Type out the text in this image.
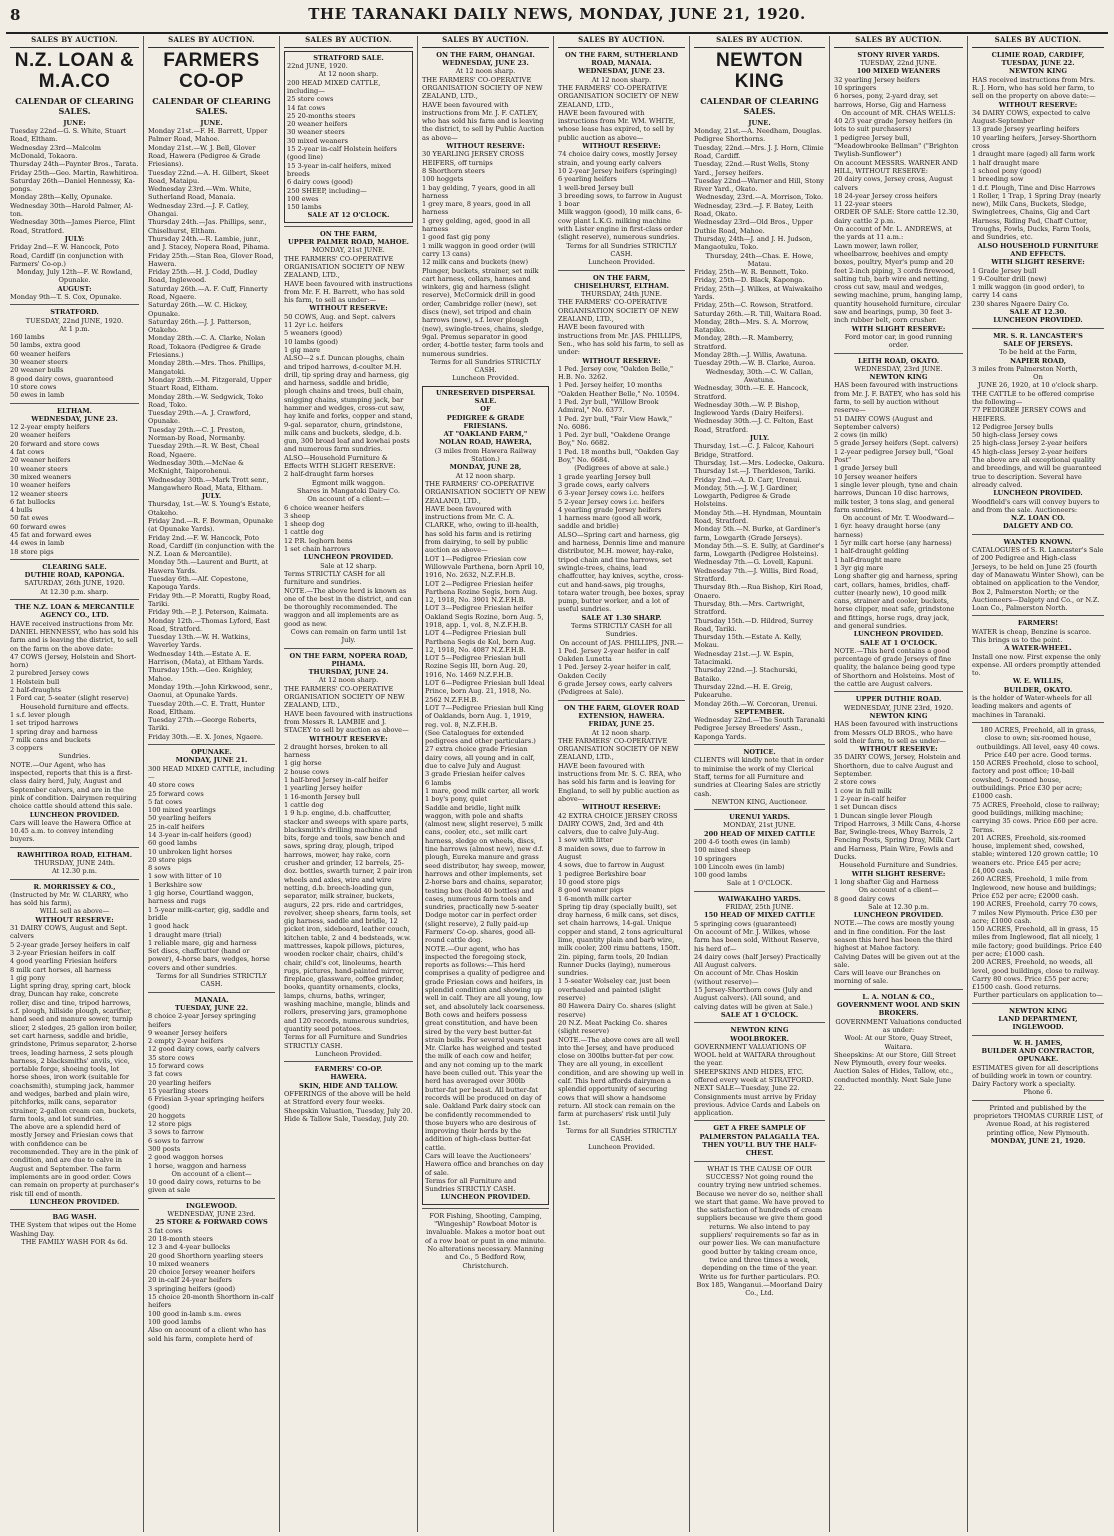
8	THE TARANAKI DAILY NEWS, MONDAY, JUNE 21, 1920.
SALES BY AUCTION.
N.Z. LOAN & M.A.CO
CALENDAR OF CLEARING SALES.
JUNE:
Tuesday 22nd—G. S. White, Stuart Road, Eltham.
Wednesday 23rd—Malcolm McDonald, Tokaora.
Thursday 24th—Paynter Bros., Tarata.
Friday 25th—Geo. Martin, Rawhitiroa.
Saturday 26th—Daniel Hennessy, Ka-pongs.
Monday 28th—Kelly, Opunake.
Wednesday 30th—Harold Palmer, Al-ton.
Wednesday 30th—James Pierce, Flint Road, Stratford.
JULY:
Friday 2nd—F. W. Hancock, Poto Road, Cardiff (in conjunction with Farmers' Co-op.)
Monday, July 12th—F. W. Rowland, Opunake.
AUGUST:
Monday 9th—T. S. Cox, Opunake.
STRATFORD.
TUESDAY, 22nd JUNE, 1920.
At 1 p.m.
160 lambs
50 lambs, extra good
60 weaner heifers
30 weaner steers
20 weaner bulls
8 good dairy cows, guaranteed
10 store cows
50 ewes in lamb
ELTHAM.
WEDNESDAY, JUNE 23.
12 2-year empty heifers
20 weaner heifers
20 forward and store cows
4 fat cows
20 weaner heifers
10 weaner steers
30 mixed weaners
10 weaner heifers
12 weaner steers
6 fat bullocks
4 bulls
50 fat ewes
60 forward ewes
45 fat and forward ewes
44 ewes in lamb
18 store pigs
CLEARING SALE.
DUTHIE ROAD, KAPONGA.
SATURDAY, 26th JUNE, 1920.
At 12.30 p.m. sharp.
THE N.Z. LOAN & MERCANTILE AGENCY CO., LTD.
HAVE received instructions from Mr. DANIEL HENNESSY, who has sold his farm and is leaving the district, to sell on the farm on the above date:
47 COWS (Jersey, Holstein and Short-horn)
2 purebred Jersey cows
1 Holstein bull
2 half-draughts
1 Ford car, 5-seater (slight reserve)
Household furniture and effects.
1 s.f. lever plough
1 set tripod harrows
1 spring dray and harness
7 milk cans and buckets
3 coppers
Sundries.
NOTE.—Our Agent, who has inspected, reports that this is a first-class dairy herd, July, August and September calvers, and are in the pink of condition. Dairymen requiring choice cattle should attend this sale.
LUNCHEON PROVIDED.
Cars will leave the Hawera Office at 10.45 a.m. to convey intending buyers.
RAWHITIROA ROAD, ELTHAM.
THURSDAY, JUNE 24th.
At 12.30 p.m.
R. MORRISSEY & CO.,
(Instructed by Mr. W. CLARRY, who has sold his farm),
WILL sell as above—
WITHOUT RESERVE:
31 DAIRY COWS, August and Sept. calvers
5 2-year grade Jersey heifers in calf
3 2-year Friesian heifers in calf
4 good yearling Friesian heifers
8 milk cart horses, all harness
1 gig pony
Light spring dray, spring cart, block dray, Duncan hay rake, concrete roller, disc and tine, tripod harrows, s.f. plough, hillside plough, scarifier, hand seed and manure sower, turnip slicer, 2 sledges, 25 gallon iron boiler, set cart harness, saddle and bridle, grindstone, Primus separator, 2-horse trees, leading harness, 2 sets plough harness, 2 blacksmiths' anvils, vice, portable forge, shoeing tools, lot horse shoes, iron work (suitable for coachsmith), stumping jack, hammer and wedges, barbed and plain wire, pitchforks, milk cans, separator strainer, 2-gallon cream can, buckets, farm tools, and lot sundries.
The above are a splendid herd of mostly Jersey and Friesian cows that with confidence can be recommended. They are in the pink of condition, and are due to calve in August and September. The farm implements are in good order. Cows can remain on property at purchaser's risk till end of month.
LUNCHEON PROVIDED.
BAG WASH.
THE System that wipes out the Home Washing Day.
THE FAMILY WASH FOR 4s 6d.
SALES BY AUCTION.
FARMERS CO-OP
CALENDAR OF CLEARING SALES.
JUNE.
Monday 21st.—F. H. Barrett, Upper Palmer Road, Mahoe.
Monday 21st.—W. J. Bell, Glover Road, Hawera (Pedigree & Grade Friesians).
Tuesday 22nd.—A. H. Gilbert, Skeet Road, Mataipu.
Wednesday 23rd.—Wm. White, Sutherland Road, Manaia.
Wednesday 23rd.—J. F. Catley, Ohangai.
Thursday 24th.—Jas. Phillips, senr., Chiselhurst, Eltham.
Thursday 24th.—R. Lambie, junr., and J. Stacey, Nopera Road, Pihama.
Friday 25th.—Stan Rea, Glover Road, Hawera.
Friday 25th.—H. J. Codd, Dudley Road, Inglewood.
Saturday 26th.—A. F. Cuff, Finnerty Road, Ngaere.
Saturday 26th.—W. C. Hickey, Opunake.
Saturday 26th.—J. J. Patterson, Otakeho.
Monday 28th.—C. A. Clarke, Nolan Road, Tokaora (Pedigree & Grade Friesians.)
Monday 28th.—Mrs. Thos. Phillips, Mangatoki.
Monday 28th.—M. Fitzgerald, Upper Stuart Road, Eltham.
Monday 28th.—W. Sedgwick, Toko Road, Toko.
Tuesday 29th.—A. J. Crawford, Opunake.
Tuesday 29th.—C. J. Preston, Norman-by Road, Normanby.
Tuesday 29th.—R. W. Best, Cheal Road, Ngaere.
Wednesday 30th.—McNae & McKnight, Taiporohenui.
Wednesday 30th.—Mark Trott senr., Mangawhero Road, Mata, Eltham.
JULY.
Thursday, 1st.—W. S. Young's Estate, Otakeho.
Friday 2nd.—R. F. Bowman, Opunake (at Opunake Yards).
Friday 2nd.—F. W. Hancock, Poto Road, Cardiff (in conjunction with the N.Z. Loan & Mercantile).
Monday 5th.—Laurent and Burtt, at Hawera Yards.
Tuesday 6th.—Alf. Copestone, Kapouga Yards.
Friday 9th.—P. Moratti, Rugby Road, Tariki.
Friday 9th.—P. J. Peterson, Kaimata.
Monday 12th.—Thomas Lyford, East Road, Stratford.
Tuesday 13th.—W. H. Watkins, Waverley Yards.
Wednesday 14th.—Estate A. E. Harrison, (Mata), at Eltham Yards.
Thursday 15th.—Geo. Keighley, Mahoe.
Monday 19th.—John Kirkwood, senr., Oaonui, at Opunake Yards.
Tuesday 20th.—C. E. Tratt, Hunter Road, Eltham.
Tuesday 27th.—George Roberts, Tariki.
Friday 30th.—E. X. Jones, Ngaere.
OPUNAKE.
MONDAY, JUNE 21.
300 HEAD MIXED CATTLE, including—
40 store cows
25 forward cows
5 fat cows
100 mixed yearlings
50 yearling heifers
25 in-calf heifers
14 3-year in-calf heifers (good)
60 good lambs
10 unbroken light horses
20 store pigs
8 sows
1 sow with litter of 10
1 Berkshire sow
1 gig horse, Courtland waggon, harness and rugs
1 5-year milk-carter, gig, saddle and bridle
1 good hack
1 draught mare (trial)
1 reliable mare, gig and harness
Set discs, chaffcutter (hand or power), 4-horse bars, wedges, horse covers and other sundries.
Terms for all Sundries STRICTLY CASH.
MANAIA.
TUESDAY, JUNE 22.
8 choice 2-year Jersey springing heifers
9 weaner Jersey heifers
2 empty 2-year heifers
12 good dairy cows, early calvers
35 store cows
15 forward cows
3 fat cows
20 yearling heifers
15 yearling steers
6 Friesian 3-year springing heifers (good)
20 hoggets
12 store pigs
3 sows to farrow
6 sows to farrow
300 posts
2 good waggon horses
1 horse, waggon and harness
On account of a client—
10 good dairy cows, returns to be given at sale
INGLEWOOD.
WEDNESDAY, JUNE 23rd.
25 STORE & FORWARD COWS
3 fat cows
20 18-month steers
12 3 and 4-year bullocks
20 good Shorthorn yearling steers
10 mixed weaners
20 choice Jersey weaner heifers
20 in-calf 24-year heifers
3 springing heifers (good)
15 choice 20-month Shorthorn in-calf heifers
100 good in-lamb s.m. ewes
100 good lambs
Also on account of a client who has sold his farm, complete herd of
SALES BY AUCTION.
STRATFORD SALE.
22nd JUNE, 1920.
At 12 noon sharp.
200 HEAD MIXED CATTLE, including—
25 store cows
14 fat cows
25 20-months steers
20 weaner heifers
30 weaner steers
30 mixed weaners
15 2-year in-calf Holstein heifers (good line)
15 3-year in-calf heifers, mixed breeds
6 dairy cows (good)
250 SHEEP, including—
100 ewes
150 lambs
SALE AT 12 O'CLOCK.
ON THE FARM,
UPPER PALMER ROAD, MAHOE.
MONDAY, 21st JUNE.
THE FARMERS' CO-OPERATIVE ORGANISATION SOCIETY OF NEW ZEALAND, LTD.,
HAVE been favoured with instructions from Mr. F. H. Barrett, who has sold his farm, to sell as under:—
WITHOUT RESERVE:
50 COWS, Aug. and Sept. calvers
11 2yr i.c. heifers
5 weaners (good)
10 lambs (good)
1 gig mare
ALSO—2 s.f. Duncan ploughs, chain and tripod harrows, d-coulter M.H. drill, tip spring dray and harness, gig and harness, saddle and bridle, plough chains and trees, bull chain, snigging chains, stumping jack, bar hammer and wedges, cross-cut saw, hay knife and forks, copper and stand, 9-gal. separator, churn, grindstone, milk cans and buckets, sledge, d.b. gun, 300 broad leaf and kowhai posts and numerous farm sundries.
ALSO—Household Furniture & Effects WITH SLIGHT RESERVE:
2 half-draught farm horses
Egmont milk waggon.
Shares in Mangatoki Dairy Co.
On account of a client:—
6 choice weaner heifers
3 sheep
1 sheep dog
1 cattle dog
12 P.R. leghorn hens
1 set chain harrows
LUNCHEON PROVIDED.
Sale at 12 sharp.
Terms STRICTLY CASH for all furniture and sundries.
NOTE.—The above herd is known as one of the best in the district, and can be thoroughly recommended. The waggon and all implements are as good as new.
Cows can remain on farm until 1st July.
ON THE FARM, NOPERA ROAD, PIHAMA.
THURSDAY, JUNE 24.
At 12 noon sharp.
THE FARMERS' CO-OPERATIVE ORGANISATION SOCIETY OF NEW ZEALAND, LTD.,
HAVE been favoured with instructions from Messrs R. LAMBIE and J. STACEY to sell by auction as above—
WITHOUT RESERVE:
2 draught horses, broken to all harness
1 gig horse
2 house cows
1 half-bred Jersey in-calf heifer
1 yearling Jersey heifer
1 16-month Jersey bull
1 cattle dog
1 9 h.p. engine, d.b. chaffcutter, stacker and sweeps with spare parts, blacksmith's drilling machine and bits, forge and tools, saw bench and saws, spring dray, plough, tripod harrows, mower, hay rake, corn crusher and grinder, 12 barrels, 25-doz. bottles, swarth turner, 2 pair iron wheels and axles, wire and wire netting, d.b. breech-loading gun, separator, milk strainer, buckets, augurs, 22 prs. ride and cartridges, revolver, sheep shears, farm tools, set gig harness, saddle and bridle, 12 picket iron, sideboard, leather couch, kitchen table, 2 and 4 bedsteads, w.w. mattresses, kapok pillows, pictures, wooden rocker chair, chairs, child's chair, child's cot, linoleums, hearth rugs, pictures, hand-painted mirror, fireplace, glassware, coffee grinder, books, quantity ornaments, clocks, lamps, churns, baths, wringer, washing machine, mangle, blinds and rollers, preserving jars, gramophone and 120 records, numerous sundries, quantity seed potatoes.
Terms for all Furniture and Sundries STRICTLY CASH.
Luncheon Provided.
FARMERS' CO-OP.
HAWERA.
SKIN, HIDE AND TALLOW.
OFFERINGS of the above will be held at Stratford every four weeks. Sheepskin Valuation, Tuesday, July 20. Hide & Tallow Sale, Tuesday, July 20.
SALES BY AUCTION.
ON THE FARM, OHANGAI.
WEDNESDAY, JUNE 23.
At 12 noon sharp.
THE FARMERS' CO-OPERATIVE ORGANISATION SOCIETY OF NEW ZEALAND, LTD.,
HAVE been favoured with instructions from Mr. J. F. CATLEY, who has sold his farm and is leaving the district, to sell by Public Auction as above—
WITHOUT RESERVE:
30 YEARLING JERSEY CROSS HEIFERS, off turnips
8 Shorthorn steers
100 hoggets
1 bay gelding, 7 years, good in all harness
1 grey mare, 8 years, good in all harness
1 grey gelding, aged, good in all harness
1 good fast gig pony
1 milk waggon in good order (will carry 13 cans)
12 milk cans and buckets (new)
Plunger, buckets, strainer, set milk cart harness, collars, hames and winkers, gig and harness (slight reserve), McCormick drill in good order, Cambridge roller (new), set discs (new), set tripod and chain harrows (new), s.f. lever plough (new), swingle-trees, chains, sledge, 9gal. Premus separator in good order, 4-bottle tester, farm tools and numerous sundries.
Terms for all Sundries STRICTLY CASH.
Luncheon Provided.
UNRESERVED DISPERSAL SALE.
OF
PEDIGREE & GRADE FRIESIANS.
AT "OAKLAND FARM,"
NOLAN ROAD, HAWERA,
(3 miles from Hawera Railway Station.)
MONDAY, JUNE 28,
At 12 noon sharp.
THE FARMERS' CO-OPERATIVE ORGANISATION SOCIETY OF NEW ZEALAND, LTD.,
HAVE been favoured with instructions from Mr. C. A. CLARKE, who, owing to ill-health, has sold his farm and is retiring from dairying, to sell by public auction as above—
LOT 1—Pedigree Friesian cow Willowvale Parthena, born April 10, 1916, No. 2632, N.Z.F.H.B.
LOT 2—Pedigree Friesian heifer Parthena Rozine Segis, born Aug. 12, 1918, No. 3901 N.Z.F.H.B.
LOT 3—Pedigree Friesian heifer Oakland Segis Rozine, born Aug. 5, 1918, app. 1, vol. 8, N.Z.F.H.B.
LOT 4—Pedigree Friesian bull Parthena Segis de Kol, born Aug. 12, 1918, No. 4087 N.Z.F.H.B.
LOT 5—Pedigree Friesian bull Rozine Segis III, born Aug. 20, 1916, No. 1469 N.Z.F.H.B.
LOT 6—Pedigree Friesian bull Ideal Prince, born Aug. 21, 1918, No. 2562 N.Z.F.H.B.
LOT 7—Pedigree Friesian bull King of Oaklands, born Aug. 1, 1919, reg. vol. 8, N.Z.F.H.B.
(See Catalogues for extended pedigrees and other particulars.)
27 extra choice grade Friesian dairy cows, all young and in calf, due to calve July and August
3 grade Friesian heifer calves
6 lambs
1 mare, good milk carter, all work
1 boy's pony, quiet
Saddle and bridle, light milk waggon, with pole and shafts (almost new, slight reserve), 5 milk cans, cooler, etc., set milk cart harness, sledge on wheels, discs, tine harrows (almost new), new d.f. plough, Eureka manure and grass seed distributor, hay sweep, mower, harrows and other implements, set 2-horse bars and chains, separator, testing box (hold 40 bottles) and cases, numerous farm tools and sundries, practically new 5-seater Dodge motor car in perfect order (slight reserve), 2 fully paid-up Farmers' Co-op. shares, good all-round cattle dog.
NOTE.—Our agent, who has inspected the foregoing stock, reports as follows:—This herd comprises a quality of pedigree and grade Friesian cows and heifers, in splendid condition and showing up well in calf. They are all young, low set, and absolutely lack coarseness. Both cows and heifers possess great constitution, and have been sired by the very best butter-fat strain bulls. For several years past Mr. Clarke has weighed and tested the milk of each cow and heifer, and any not coming up to the mark have been culled out. This year the herd has averaged over 300lb butter-fat per beast. All butter-fat records will be produced on day of sale. Oakland Park dairy stock can be confidently recommended to those buyers who are desirous of improving their herds by the addition of high-class butter-fat cattle.
Cars will leave the Auctioneers' Hawera office and branches on day of sale.
Terms for all Furniture and Sundries STRICTLY CASH.
LUNCHEON PROVIDED.
FOR Fishing, Shooting, Camping, "Wingeship" Rowboat Motor is invaluable. Makes a motor boat out of a row boat or punt in one minute. No alterations necessary. Manning and Co., 5 Bedford Row, Christchurch.
SALES BY AUCTION.
ON THE FARM, SUTHERLAND ROAD, MANAIA.
WEDNESDAY, JUNE 23.
At 12 noon sharp.
THE FARMERS' CO-OPERATIVE ORGANISATION SOCIETY OF NEW ZEALAND, LTD.,
HAVE been favoured with instructions from Mr. WM. WHITE, whose lease has expired, to sell by public auction as above—
WITHOUT RESERVE:
74 choice dairy cows, mostly Jersey strain, and young early calvers
10 2-year Jersey heifers (springing)
6 yearling heifers
1 well-bred Jersey bull
3 breeding sows, to farrow in August
1 boar
Milk waggon (good), 10 milk cans, 6-cow plant L.K.G. milking machine with Lister engine in first-class order (slight reserve), numerous sundries.
Terms for all Sundries STRICTLY CASH.
Luncheon Provided.
ON THE FARM,
CHISELHURST, ELTHAM.
THURSDAY, 24th JUNE.
THE FARMERS' CO-OPERATIVE ORGANISATION SOCIETY OF NEW ZEALAND, LTD.,
HAVE been favoured with instructions from Mr. JAS. PHILLIPS, Sen., who has sold his farm, to sell as under:
WITHOUT RESERVE:
1 Ped. Jersey cow, "Oakden Belle," H.B. No. 3262.
1 Ped. Jersey heifer, 10 months "Oakden Heather Belle," No. 10594.
1 Ped. 2yr bull, "Willow Brook Admiral," No. 6377.
1 Ped. 2yr bull, "Fair View Hawk," No. 6086.
1 Ped. 2yr bull, "Oakdene Orange Boy," No. 6682.
1 Ped. 18 months bull, "Oakden Gay Boy," No. 6684.
(Pedigrees of above at sale.)
1 grade yearling Jersey bull
3 grade cows, early calvers
6 3-year Jersey cows i.c. heifers
5 2-year Jersey cows i.c. heifers
4 yearling grade Jersey heifers
1 harness mare (good all work, saddle and bridle)
ALSO—Spring cart and harness, gig and harness, Dennis lime and manure distributor, M.H. mower, hay-rake, tripod chain and tine harrows, set swingle-trees, chains, lead chaffcutter, hay knives, scythe, cross-cut and hand-saws, pig troughs, totara water trough, bee boxes, spray pump, butter worker, and a lot of useful sundries.
SALE AT 1.30 SHARP.
Terms STRICTLY CASH for all Sundries.
On account of JAS. PHILLIPS, JNR.—
1 Ped. Jersey 2-year heifer in calf Oakden Lunetta
1 Ped. Jersey 2-year heifer in calf, Oakden Cecily
6 grade Jersey cows, early calvers (Pedigrees at Sale).
ON THE FARM, GLOVER ROAD EXTENSION, HAWERA.
FRIDAY, JUNE 25.
At 12 noon sharp.
THE FARMERS' CO-OPERATIVE ORGANISATION SOCIETY OF NEW ZEALAND, LTD.,
HAVE been favoured with instructions from Mr. S. C. REA, who has sold his farm and is leaving for England, to sell by public auction as above—
WITHOUT RESERVE:
42 EXTRA CHOICE JERSEY CROSS DAIRY COWS, 2nd, 3rd and 4th calvers, due to calve July-Aug.
1 sow with litter
8 maiden sows, due to farrow in August
4 sows, due to farrow in August
1 pedigree Berkshire boar
10 good store pigs
8 good weaner pigs
1 6-month milk carter
Spring tip dray (specially built), set dray harness, 6 milk cans, set discs, set chain harrows, 14-gal. Unique copper and stand, 2 tons agricultural lime, quantity plain and barb wire, milk cooler, 200 rimu battens, 150ft. 2in. piping, farm tools, 20 Indian Runner Ducks (laying), numerous sundries.
1 5-seater Wolseley car, just been overhauled and painted (slight reserve)
80 Hawera Dairy Co. shares (slight reserve)
20 N.Z. Meat Packing Co. shares (slight reserve)
NOTE.—The above cows are all well into the Jersey, and have produced close on 300lbs butter-fat per cow. They are all young, in excellent condition, and are showing up well in calf. This herd affords dairymen a splendid opportunity of securing cows that will show a handsome return. All stock can remain on the farm at purchasers' risk until July 1st.
Terms for all Sundries STRICTLY CASH.
Luncheon Provided.
SALES BY AUCTION.
NEWTON KING
CALENDAR OF CLEARING SALES.
JUNE.
Monday, 21st.—A. Needham, Douglas. Pedigree Shorthorns.
Tuesday, 22nd.—Mrs. J. J. Horn, Climie Road, Cardiff.
Tuesday, 22nd.—Rust Wells, Stony Yard., Jersey heifers.
Tuesday 22nd—Warner and Hill, Stony River Yard., Okato.
Wednesday, 23rd.—A. Morrison, Toko.
Wednesday, 23rd.—J. F. Batey, Leith Road, Okato.
Wednesday 23rd—Old Bros., Upper Duthie Road, Mahoe.
Thursday, 24th—J. and J. H. Judson, Mangaotuku, Toko.
Thursday, 24th—Chas. E. Howe, Matau.
Friday, 25th—W. R. Bennett, Toko.
Friday, 25th—D. Black, Kaponga.
Friday, 25th—J. Wilkes, at Waiwakaiho Yards.
Friday, 25th—C. Rowson, Stratford.
Saturday 26th.—R. Till, Waitara Road.
Monday, 28th—Mrs. S. A. Morrow, Ratapiko.
Monday, 28th.—R. Mamberry, Stratford.
Monday 28th.—J. Willis, Awatuna.
Tuesday 29th.—W. B. Clarke, Auroa.
Wednesday, 30th.—C. W. Callan, Awatuna.
Wednesday, 30th.—E. E. Hancock, Stratford.
Wednesday 30th.—W. P. Bishop, Inglewood Yards (Dairy Heifers).
Wednesday 30th.—J. C. Felton, East Road, Stratford.
JULY.
Thursday, 1st.—C. J. Falcor, Kahouri Bridge, Stratford.
Thursday, 1st.—Mrs. Lodecke, Oakura.
Thursday 1st.—J. Therkleson, Tariki.
Friday 2nd.—A. D. Carr, Urenui.
Monday, 5th.—J. W. J. Gardiner, Lowgarth, Pedigree & Grade Holsteins.
Monday 5th.—H. Hyndman, Mountain Road, Stratford.
Monday 5th.—N. Burke, at Gardiner's farm, Lowgarth (Grade Jerseys).
Monday 5th.—S. E. Sully, at Gardiner's farm, Lowgarth (Pedigree Holsteins).
Wednesday 7th.—G. Lovell, Kapuni.
Wednesday 7th.—J. Willis, Bird Road, Stratford.
Thursday 8th.—Rua Bishop, Kiri Road, Onaero.
Thursday, 8th.—Mrs. Cartwright, Stratford.
Thursday 15th.—D. Hildred, Surrey Road, Tariki.
Thursday 15th.—Estate A. Kelly, Mokau.
Wednesday 21st.—J. W. Espin, Tatacimaki.
Thursday 22nd.—J. Stachurski, Bataiko.
Thursday 22nd.—H. E. Greig, Pukearuhe.
Monday 26th.—W. Corcoran, Urenui.
SEPTEMBER.
Wednesday 22nd.—The South Taranaki Pedigree Jersey Breeders' Assn., Kaponga Yards.
NOTICE.
CLIENTS will kindly note that in order to minimise the work of my Clerical Staff, terms for all Furniture and sundries at Clearing Sales are strictly cash.
NEWTON KING, Auctioneer.
URENUI YARDS.
MONDAY, 21st JUNE.
200 HEAD OF MIXED CATTLE
200 4-6 tooth ewes (in lamb)
100 mixed sheep
10 springers
100 Lincoln ewes (in lamb)
100 good lambs
Sale at 1 O'CLOCK.
WAIWAKAIHO YARDS.
FRIDAY, 25th JUNE.
150 HEAD OF MIXED CATTLE
5 springing cows (guaranteed)
On account of Mr. J. Wilkes, whose farm has been sold, Without Reserve, his herd of—
24 dairy cows (half Jersey) Practically All August calvers.
On account of Mr. Chas Hoskin (without reserve)—
15 Jersey-Shorthorn cows (July and August calvers). (All sound, and calving dates will be given at Sale.)
SALE AT 1 O'CLOCK.
NEWTON KING
WOOLBROKER.
GOVERNMENT VALUATIONS OF WOOL held at WAITARA throughout the year.
SHEEPSKINS AND HIDES, ETC. offered every week at STRATFORD.
NEXT SALE—Tuesday, June 22.
Consignments must arrive by Friday previous. Advice Cards and Labels on application.
GET A FREE SAMPLE OF PALMERSTON PALAGALLA TEA.
THEN YOU'LL BUY THE HALF-CHEST.
WHAT IS THE CAUSE OF OUR SUCCESS? Not going round the country trying new untried schemes. Because we never do so, neither shall we start that game. We have proved to the satisfaction of hundreds of cream suppliers because we give them good returns. We also intend to pay suppliers' requirements so far as in our power lies. We can manufacture good butter by taking cream once, twice and three times a week, depending on the time of the year. Write us for further particulars. P.O. Box 185, Wanganui.—Moorland Dairy Co., Ltd.
SALES BY AUCTION.
STONY RIVER YARDS.
TUESDAY, 22nd JUNE.
100 MIXED WEANERS
32 yearling Jersey heifers
10 springers
6 horses, pony, 2-yard dray, set harrows, Horse, Gig and Harness
On account of MR. CHAS WELLS:
40 2/3 year grade Jersey heifers (in lots to suit purchasers)
1 pedigree Jersey bull, "Meadowbrooke Bellman" ("Brighton Twylish-Sunflower")
On account MESSRS. WARNER AND HILL, WITHOUT RESERVE:
20 dairy cows, Jersey cross, August calvers
18 24-year Jersey cross heifers
11 22-year steers
ORDER OF SALE: Store cattle 12.30, dairy cattle 2 p.m.
On account of Mr. L. ANDREWS, at the yards at 11 a.m.:
Lawn mower, lawn roller, wheelbarrow, beehives and empty boxes, poultry, Myer's pump and 20 feet 2-inch piping, 3 cords firewood, salting tub, barb wire and netting, cross cut saw, maul and wedges, sewing machine, prum, hanging lamp, quantity household furniture, circular saw and bearings, pump, 30 feet 3-inch rubber belt, corn crusher.
WITH SLIGHT RESERVE:
Ford motor car, in good running order.
LEITH ROAD, OKATO.
WEDNESDAY, 23rd JUNE.
NEWTON KING
HAS been favoured with instructions from Mr. J. F. BATEY, who has sold his farm, to sell by auction without reserve—
51 DAIRY COWS (August and September calvers)
2 cows (in milk)
5 grade Jersey heifers (Sept. calvers)
1 2-year pedigree Jersey bull, "Goal Post"
1 grade Jersey bull
10 Jersey weaner heifers
1 single lever plough, tyne and chain harrows, Duncan 10 disc harrows, milk tester, 3 tons slag, and general farm sundries.
On account of Mr. T. Woodward—
1 6yr. heavy draught horse (any harness)
1 5yr milk cart horse (any harness)
1 half-draught gelding
1 half-draught mare
1 3yr gig mare
Long shafter gig and harness, spring cart, collars, hames, bridles, chaff-cutter (nearly new), 10 good milk cans, strainer and cooler, buckets, horse clipper, meat safe, grindstone and fittings, horse rugs, dray jack, and general sundries.
LUNCHEON PROVIDED.
SALE AT 1 O'CLOCK.
NOTE.—This herd contains a good percentage of grade Jerseys of fine quality, the balance being good type of Shorthorn and Holsteins. Most of the cattle are August calvers.
UPPER DUTHIE ROAD.
WEDNESDAY, JUNE 23rd, 1920.
NEWTON KING
HAS been favoured with instructions from Messrs OLD BROS., who have sold their farm, to sell as under—
WITHOUT RESERVE:
35 DAIRY COWS, Jersey, Holstein and Shorthorn, due to calve August and September.
2 store cows
1 cow in full milk
1 2-year in-calf heifer
1 set Duncan discs
1 Duncan single lever Plough
Tripod Harrows, 3 Milk Cans, 4-horse Bar, Swingle-trees, Whey Barrels, 2 Fencing Posts, Spring Dray, Milk Cart and Harness, Plain Wire, Fowls and Ducks.
Household Furniture and Sundries.
WITH SLIGHT RESERVE:
1 long shafter Gig and Harness
On account of a client—
8 good dairy cows
Sale at 12.30 p.m.
LUNCHEON PROVIDED.
NOTE.—The cows are mostly young and in fine condition. For the last season this herd has been the third highest at Mahoe factory.
Calving Dates will be given out at the sale.
Cars will leave our Branches on morning of sale.
L. A. NOLAN & CO.,
GOVERNMENT WOOL AND SKIN BROKERS.
GOVERNMENT Valuations conducted as under:
Wool: At our Store, Quay Street, Waitara.
Sheepskins: At our Store, Gill Street New Plymouth, every four weeks.
Auction Sales of Hides, Tallow, etc., conducted monthly. Next Sale June 22.
SALES BY AUCTION.
CLIMIE ROAD, CARDIFF,
TUESDAY, JUNE 22.
NEWTON KING
HAS received instructions from Mrs. R. J. Horn, who has sold her farm, to sell on the property on above date:—
WITHOUT RESERVE:
34 DAIRY COWS, expected to calve August-September
13 grade Jersey yearling heifers
10 yearling heifers, Jersey-Shorthorn cross
1 draught mare (aged) all farm work
1 half draught mare
1 school pony (good)
1 breeding sow
1 d.f. Plough, Tine and Disc Harrows
1 Roller, 1 Trap, 1 Spring Dray (nearly new), Milk Cans, Buckets, Sledge, Swingletrees, Chains, Gig and Cart Harness, Riding Pad, Chaff Cutter, Troughs, Fowls, Ducks, Farm Tools, and Sundries, etc.
ALSO HOUSEHOLD FURNITURE AND EFFECTS.
WITH SLIGHT RESERVE:
1 Grade Jersey bull
1 9-Coulter drill (new)
1 milk waggon (in good order), to carry 14 cans
230 shares Ngaere Dairy Co.
SALE AT 12.30.
LUNCHEON PROVIDED.
MR. S. R. LANCASTER'S
SALE OF JERSEYS.
To be held at the Farm,
NAPIER ROAD,
3 miles from Palmerston North,
On
JUNE 26, 1920, at 10 o'clock sharp.
THE CATTLE to be offered comprise the following—
77 PEDIGREE JERSEY COWS and HEIFERS.
12 Pedigree Jersey bulls
50 high-class Jersey cows
25 high-class Jersey 2-year heifers
45 high-class Jersey 2-year heifers
The above are all exceptional quality and breedings, and will be guaranteed true to description. Several have already calved.
LUNCHEON PROVIDED.
Woodfield's cars will convey buyers to and from the sale. Auctioneers:
N.Z. LOAN CO.
DALGETY AND CO.
WANTED KNOWN.
CATALOGUES of S. R. Lancaster's Sale of 200 Pedigree and High-class Jerseys, to be held on June 25 (fourth day of Manawatu Winter Show), can be obtained on application to the Vendor, Box 2, Palmerston North; or the Auctioneers—Dalgety and Co., or N.Z. Loan Co., Palmerston North.
FARMERS!
WATER is cheap, Benzine is scarce. This brings us to the point.
A WATER-WHEEL.
Install one now. First expense the only expense. All orders promptly attended to.
W. E. WILLIS,
BUILDER, OKATO.
is the holder of Water-wheels for all leading makers and agents of machines in Taranaki.
180 ACRES, Freehold, all in grass, close to own; six-roomed house, outbuildings. All level, easy 40 cows. Price £40 per acre. Good terms.
150 ACRES Freehold, close to school, factory and post office; 10-bail cowshed, 5-roomed house, outbuildings. Price £30 per acre; £1000 cash.
75 ACRES, Freehold, close to railway; good buildings, milking machine; carrying 35 cows. Price £60 per acre. Terms.
201 ACRES, Freehold, six-roomed house, implement shed, cowshed, stable; wintered 120 grown cattle; 10 weaners etc. Price £45 per acre; £4,000 cash.
260 ACRES, Freehold, 1 mile from Inglewood, new house and buildings; Price £52 per acre; £2000 cash.
190 ACRES, Freehold, carry 70 cows, 7 miles New Plymouth. Price £30 per acre; £1000 cash.
150 ACRES, Freehold, all in grass, 15 miles from Inglewood, flat all nicely, 1 mile factory; good buildings. Price £40 per acre; £1000 cash.
200 ACRES, Freehold, no weeds, all level, good buildings, close to railway. Carry 80 cows. Price £55 per acre; £1500 cash. Good returns.
Further particulars on application to—
NEWTON KING
LAND DEPARTMENT,
INGLEWOOD.
W. H. JAMES,
BUILDER AND CONTRACTOR, OPUNAKE.
ESTIMATES given for all descriptions of building work in town or country. Dairy Factory work a specialty.
Phone 6.
Printed and published by the proprietors THOMAS CURRIE LIST, of Avenue Road, at his registered printing office, New Plymouth.
MONDAY, JUNE 21, 1920.
